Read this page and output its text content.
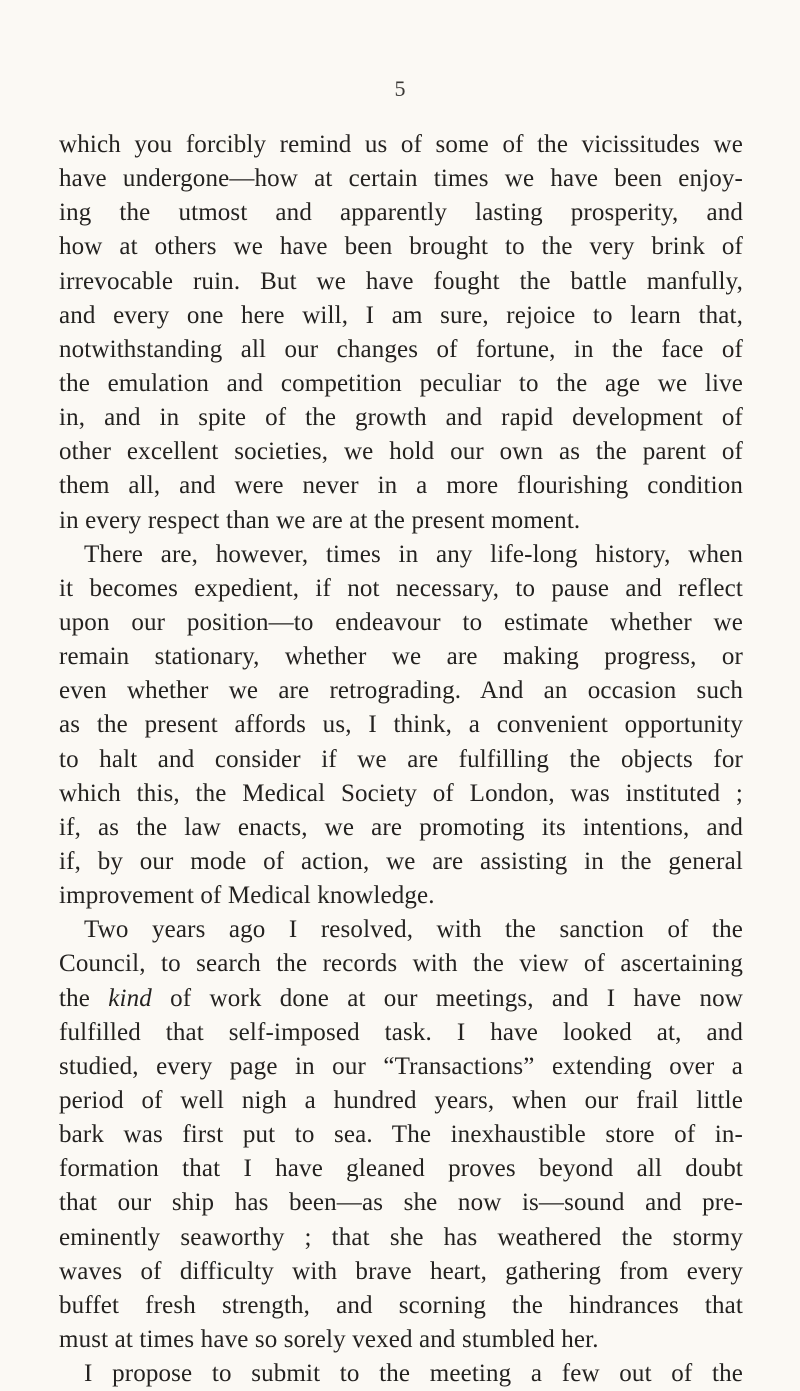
5
which you forcibly remind us of some of the vicissitudes we
have undergone—how at certain times we have been enjoy-
ing the utmost and apparently lasting prosperity, and
how at others we have been brought to the very brink of
irrevocable ruin. But we have fought the battle manfully,
and every one here will, I am sure, rejoice to learn that,
notwithstanding all our changes of fortune, in the face of
the emulation and competition peculiar to the age we live
in, and in spite of the growth and rapid development of
other excellent societies, we hold our own as the parent of
them all, and were never in a more flourishing condition
in every respect than we are at the present moment.
There are, however, times in any life-long history, when
it becomes expedient, if not necessary, to pause and reflect
upon our position—to endeavour to estimate whether we
remain stationary, whether we are making progress, or
even whether we are retrograding. And an occasion such
as the present affords us, I think, a convenient opportunity
to halt and consider if we are fulfilling the objects for
which this, the Medical Society of London, was instituted ;
if, as the law enacts, we are promoting its intentions, and
if, by our mode of action, we are assisting in the general
improvement of Medical knowledge.
Two years ago I resolved, with the sanction of the
Council, to search the records with the view of ascertaining
the kind of work done at our meetings, and I have now
fulfilled that self-imposed task. I have looked at, and
studied, every page in our “Transactions” extending over a
period of well nigh a hundred years, when our frail little
bark was first put to sea. The inexhaustible store of in-
formation that I have gleaned proves beyond all doubt
that our ship has been—as she now is—sound and pre-
eminently seaworthy ; that she has weathered the stormy
waves of difficulty with brave heart, gathering from every
buffet fresh strength, and scorning the hindrances that
must at times have so sorely vexed and stumbled her.
I propose to submit to the meeting a few out of the
